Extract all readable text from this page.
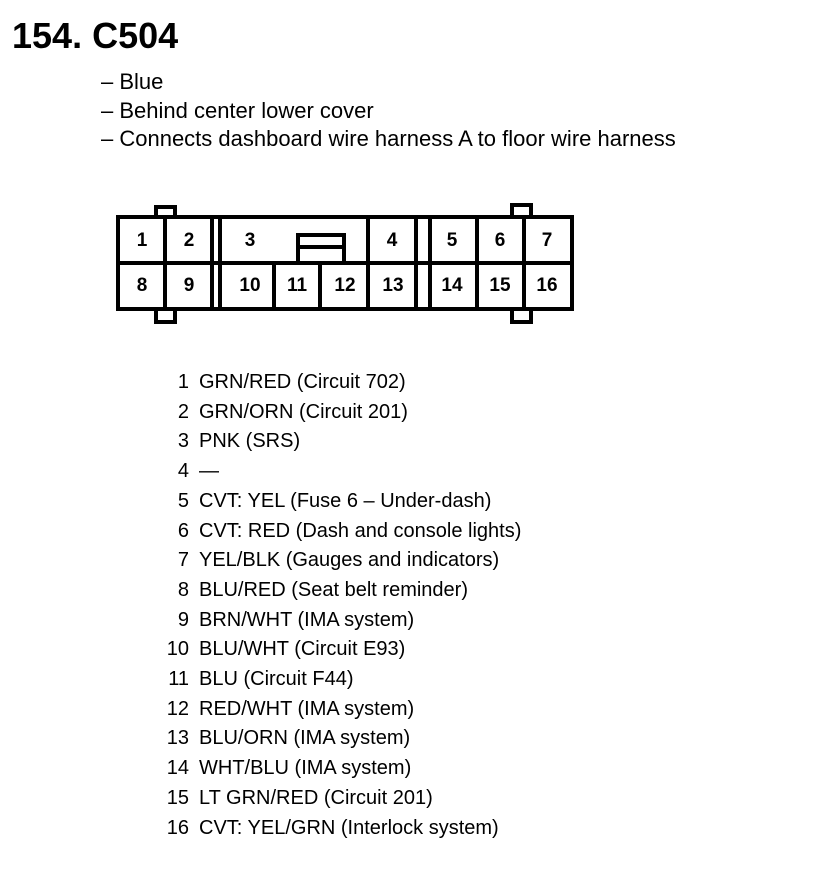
154. C504
– Blue
– Behind center lower cover
– Connects dashboard wire harness A to floor wire harness
1 2	3	4	5 6 7
8 9 10 11 12 13 14 15 16
1 GRN/RED (Circuit 702)
2 GRN/ORN (Circuit 201)
3 PNK (SRS)
4 —
5 CVT: YEL (Fuse 6 – Under-dash)
6 CVT: RED (Dash and console lights)
7 YEL/BLK (Gauges and indicators)
8 BLU/RED (Seat belt reminder)
9 BRN/WHT (IMA system)
10 BLU/WHT (Circuit E93)
11 BLU (Circuit F44)
12 RED/WHT (IMA system)
13 BLU/ORN (IMA system)
14 WHT/BLU (IMA system)
15 LT GRN/RED (Circuit 201)
16 CVT: YEL/GRN (Interlock system)
